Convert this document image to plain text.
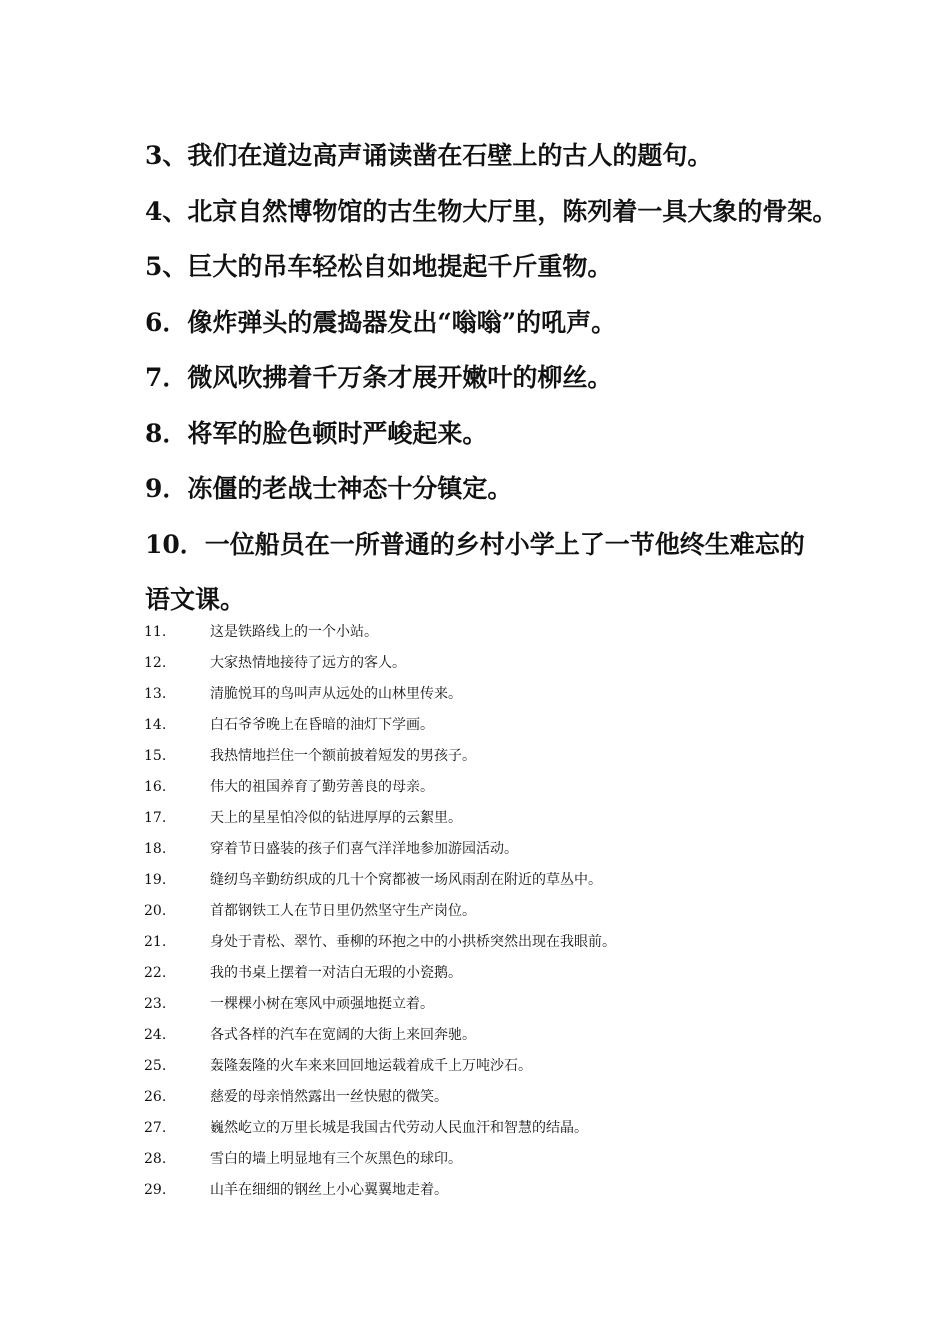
3、我们在道边高声诵读凿在石壁上的古人的题句。
4、北京自然博物馆的古生物大厅里，陈列着一具大象的骨架。
5、巨大的吊车轻松自如地提起千斤重物。
6．像炸弹头的震捣器发出“嗡嗡”的吼声。
7．微风吹拂着千万条才展开嫩叶的柳丝。
8．将军的脸色顿时严峻起来。
9．冻僵的老战士神态十分镇定。
10．一位船员在一所普通的乡村小学上了一节他终生难忘的语文课。
11.	这是铁路线上的一个小站。
12.	大家热情地接待了远方的客人。
13.	清脆悦耳的鸟叫声从远处的山林里传来。
14.	白石爷爷晚上在昏暗的油灯下学画。
15.	我热情地拦住一个额前披着短发的男孩子。
16.	伟大的祖国养育了勤劳善良的母亲。
17.	天上的星星怕冷似的钻进厚厚的云絮里。
18.	穿着节日盛装的孩子们喜气洋洋地参加游园活动。
19.	缝纫鸟辛勤纺织成的几十个窝都被一场风雨刮在附近的草丛中。
20.	首都钢铁工人在节日里仍然坚守生产岗位。
21.	身处于青松、翠竹、垂柳的环抱之中的小拱桥突然出现在我眼前。
22.	我的书桌上摆着一对洁白无瑕的小瓷鹅。
23.	一棵棵小树在寒风中顽强地挺立着。
24.	各式各样的汽车在宽阔的大街上来回奔驰。
25.	轰隆轰隆的火车来来回回地运载着成千上万吨沙石。
26.	慈爱的母亲悄然露出一丝快慰的微笑。
27.	巍然屹立的万里长城是我国古代劳动人民血汗和智慧的结晶。
28.	雪白的墙上明显地有三个灰黑色的球印。
29.	山羊在细细的钢丝上小心翼翼地走着。
